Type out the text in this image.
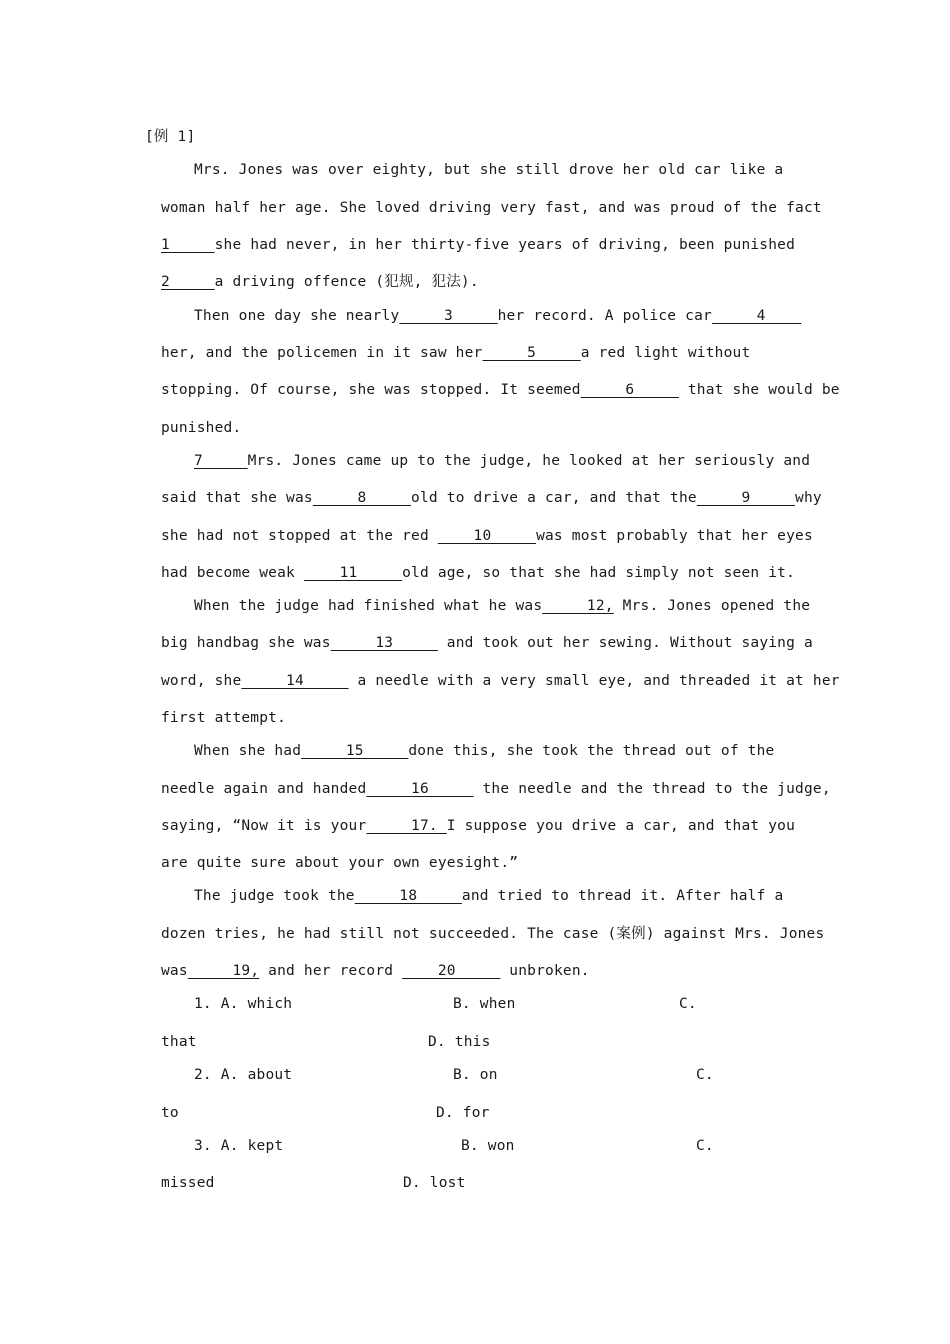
[例 1]
Mrs. Jones was over eighty, but she still drove her old car like a
woman half her age. She loved driving very fast, and was proud of the fact
1     she had never, in her thirty-five years of driving, been punished
2     a driving offence (犯规, 犯法).
Then one day she nearly     3     her record. A police car     4
her, and the policemen in it saw her     5     a red light without
stopping. Of course, she was stopped. It seemed     6      that she would be
punished.
7     Mrs. Jones came up to the judge, he looked at her seriously and
said that she was     8     old to drive a car, and that the     9     why
she had not stopped at the red     10     was most probably that her eyes
had become weak     11     old age, so that she had simply not seen it.
When the judge had finished what he was     12, Mrs. Jones opened the
big handbag she was     13      and took out her sewing. Without saying a
word, she     14      a needle with a very small eye, and threaded it at her
first attempt.
When she had     15     done this, she took the thread out of the
needle again and handed     16      the needle and the thread to the judge,
saying, “Now it is your     17. I suppose you drive a car, and that you
are quite sure about your own eyesight.”
The judge took the     18     and tried to thread it. After half a
dozen tries, he had still not succeeded. The case (案例) against Mrs. Jones
was     19, and her record     20      unbroken.
1. A. which	B. when	C.
that	D. this
2. A. about	B. on	C.
to	D. for
3. A. kept	B. won	C.
missed	D. lost
